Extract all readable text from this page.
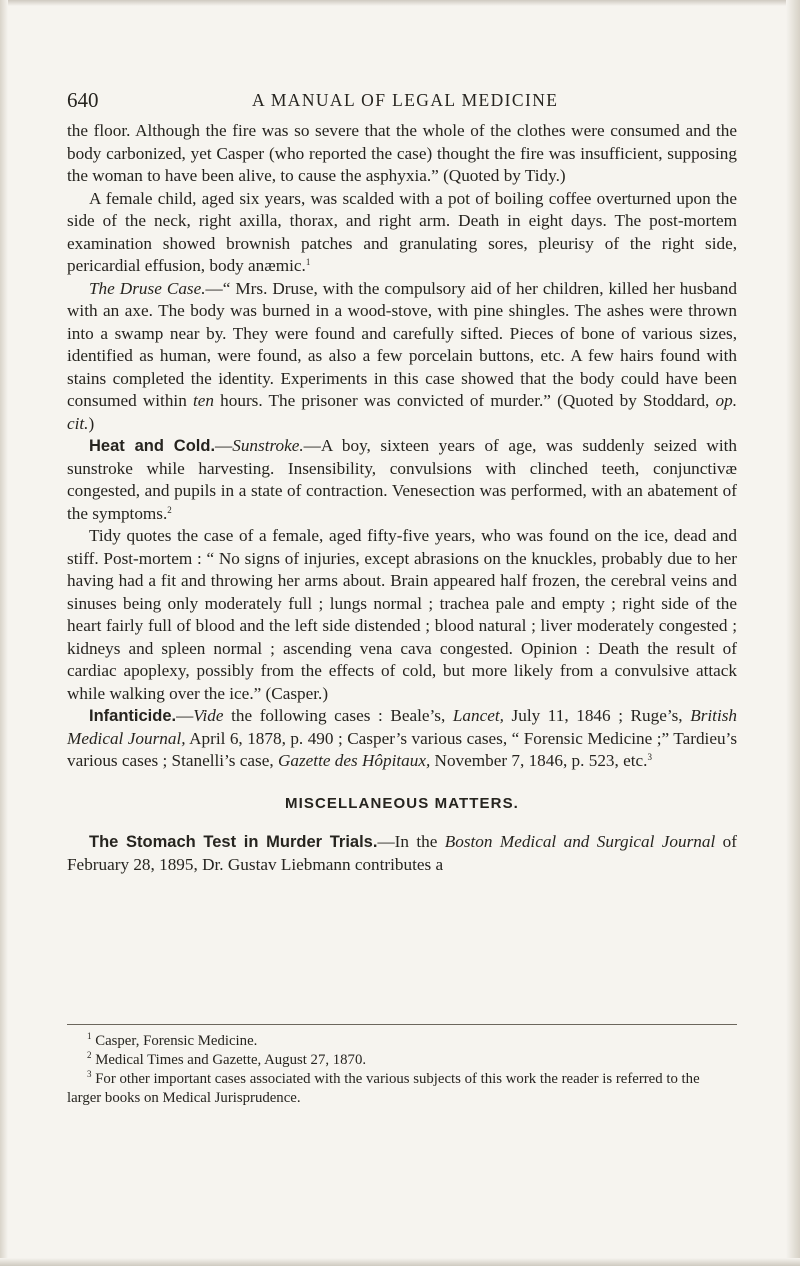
640	A MANUAL OF LEGAL MEDICINE

the floor. Although the fire was so severe that the whole of the clothes were consumed and the body carbonized, yet Casper (who reported the case) thought the fire was insufficient, supposing the woman to have been alive, to cause the asphyxia.” (Quoted by Tidy.)

A female child, aged six years, was scalded with a pot of boiling coffee overturned upon the side of the neck, right axilla, thorax, and right arm. Death in eight days. The post-mortem examination showed brownish patches and granulating sores, pleurisy of the right side, pericardial effusion, body anæmic.$^1$

The Druse Case.—“ Mrs. Druse, with the compulsory aid of her children, killed her husband with an axe. The body was burned in a wood-stove, with pine shingles. The ashes were thrown into a swamp near by. They were found and carefully sifted. Pieces of bone of various sizes, identified as human, were found, as also a few porcelain buttons, etc. A few hairs found with stains completed the identity. Experiments in this case showed that the body could have been consumed within ten hours. The prisoner was convicted of murder.” (Quoted by Stoddard, op. cit.)

Heat and Cold.—Sunstroke.—A boy, sixteen years of age, was suddenly seized with sunstroke while harvesting. Insensibility, convulsions with clinched teeth, conjunctivæ congested, and pupils in a state of contraction. Venesection was performed, with an abatement of the symptoms.$^2$

Tidy quotes the case of a female, aged fifty-five years, who was found on the ice, dead and stiff. Post-mortem : “ No signs of injuries, except abrasions on the knuckles, probably due to her having had a fit and throwing her arms about. Brain appeared half frozen, the cerebral veins and sinuses being only moderately full ; lungs normal ; trachea pale and empty ; right side of the heart fairly full of blood and the left side distended ; blood natural ; liver moderately congested ; kidneys and spleen normal ; ascending vena cava congested. Opinion : Death the result of cardiac apoplexy, possibly from the effects of cold, but more likely from a convulsive attack while walking over the ice.” (Casper.)

Infanticide.—Vide the following cases : Beale’s, Lancet, July 11, 1846 ; Ruge’s, British Medical Journal, April 6, 1878, p. 490 ; Casper’s various cases, “ Forensic Medicine ;” Tardieu’s various cases ; Stanelli’s case, Gazette des Hôpitaux, November 7, 1846, p. 523, etc.$^3$

MISCELLANEOUS MATTERS.

The Stomach Test in Murder Trials.—In the Boston Medical and Surgical Journal of February 28, 1895, Dr. Gustav Liebmann contributes a

$^1$ Casper, Forensic Medicine.

$^2$ Medical Times and Gazette, August 27, 1870.

$^3$ For other important cases associated with the various subjects of this work the reader is referred to the larger books on Medical Jurisprudence.
